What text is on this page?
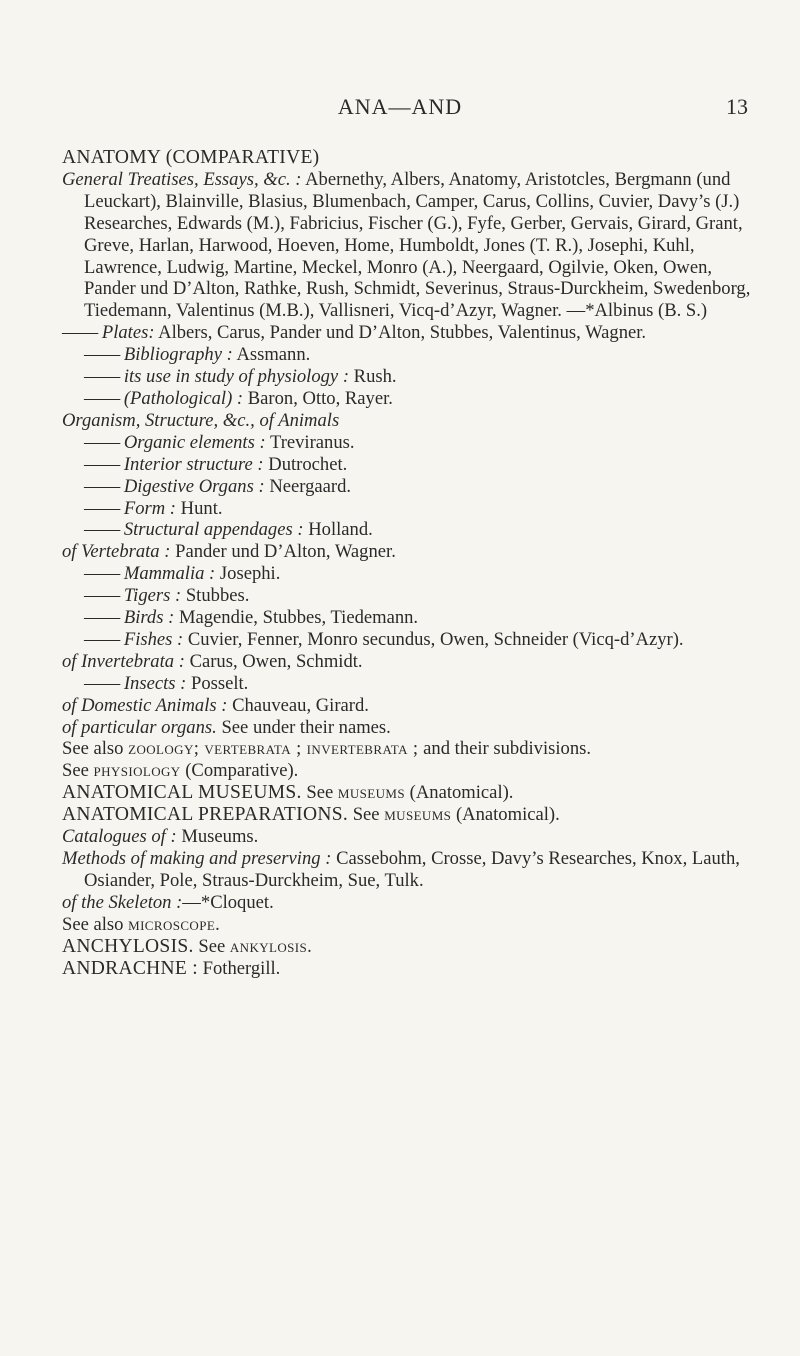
ANA—AND	13

ANATOMY (COMPARATIVE)

General Treatises, Essays, &c. : Abernethy, Albers, Anatomy, Aristotcles, Bergmann (und Leuckart), Blainville, Blasius, Blumenbach, Camper, Carus, Collins, Cuvier, Davy’s (J.) Researches, Edwards (M.), Fabricius, Fischer (G.), Fyfe, Gerber, Gervais, Girard, Grant, Greve, Harlan, Harwood, Hoeven, Home, Humboldt, Jones (T. R.), Josephi, Kuhl, Lawrence, Ludwig, Martine, Meckel, Monro (A.), Neergaard, Ogilvie, Oken, Owen, Pander und D’Alton, Rathke, Rush, Schmidt, Severinus, Straus-Durckheim, Swedenborg, Tiedemann, Valentinus (M.B.), Vallisneri, Vicq-d’Azyr, Wagner. —*Albinus (B. S.)

—— Plates: Albers, Carus, Pander und D’Alton, Stubbes, Valentinus, Wagner.

—— Bibliography : Assmann.

—— its use in study of physiology : Rush.

—— (Pathological) : Baron, Otto, Rayer.

Organism, Structure, &c., of Animals

—— Organic elements : Treviranus.

—— Interior structure : Dutrochet.

—— Digestive Organs : Neergaard.

—— Form : Hunt.

—— Structural appendages : Holland.

of Vertebrata : Pander und D’Alton, Wagner.

—— Mammalia : Josephi.

—— Tigers : Stubbes.

—— Birds : Magendie, Stubbes, Tiedemann.

—— Fishes : Cuvier, Fenner, Monro secundus, Owen, Schneider (Vicq-d’Azyr).

of Invertebrata : Carus, Owen, Schmidt.

—— Insects : Posselt.

of Domestic Animals : Chauveau, Girard.

of particular organs. See under their names.

See also zoology; vertebrata ; invertebrata ; and their subdivisions.

See physiology (Comparative).

ANATOMICAL MUSEUMS. See museums (Anatomical).

ANATOMICAL PREPARATIONS. See museums (Anatomical).

Catalogues of : Museums.

Methods of making and preserving : Cassebohm, Crosse, Davy’s Researches, Knox, Lauth, Osiander, Pole, Straus-Durckheim, Sue, Tulk.

of the Skeleton :—*Cloquet.

See also microscope.

ANCHYLOSIS. See ankylosis.

ANDRACHNE : Fothergill.
